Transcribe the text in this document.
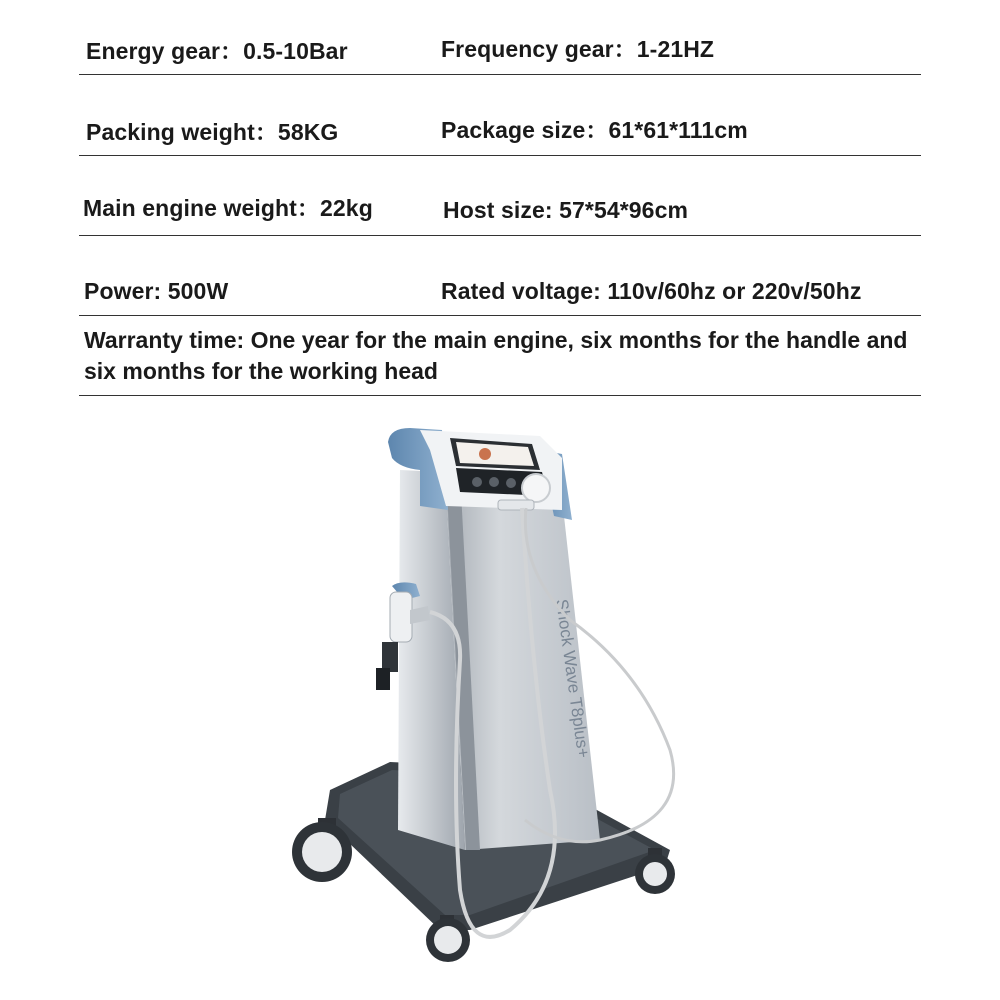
Energy gear：0.5-10Bar	Frequency gear：1-21HZ
Packing weight：58KG	Package size：61*61*111cm
Main engine weight：22kg	Host size: 57*54*96cm
Power: 500W	Rated voltage: 110v/60hz or 220v/50hz
Warranty time: One year for the main engine, six months for the handle and six months for the working head
Shock Wave T8plus+
